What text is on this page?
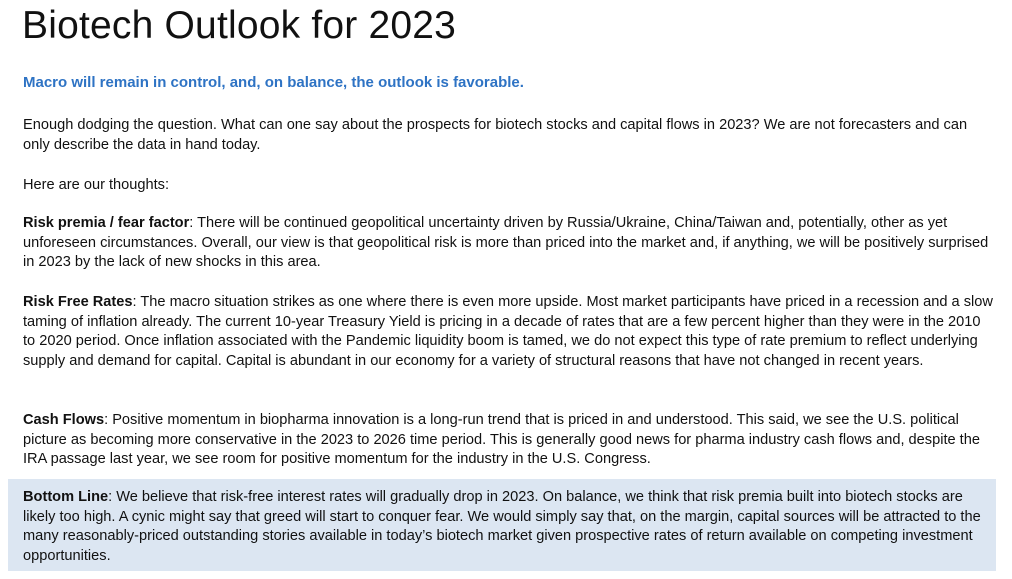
Biotech Outlook for 2023

Macro will remain in control, and, on balance, the outlook is favorable.

Enough dodging the question. What can one say about the prospects for biotech stocks and capital flows in 2023? We are not forecasters and can only describe the data in hand today.

Here are our thoughts:

Risk premia / fear factor: There will be continued geopolitical uncertainty driven by Russia/Ukraine, China/Taiwan and, potentially, other as yet unforeseen circumstances. Overall, our view is that geopolitical risk is more than priced into the market and, if anything, we will be positively surprised in 2023 by the lack of new shocks in this area.

Risk Free Rates: The macro situation strikes as one where there is even more upside. Most market participants have priced in a recession and a slow taming of inflation already. The current 10-year Treasury Yield is pricing in a decade of rates that are a few percent higher than they were in the 2010 to 2020 period. Once inflation associated with the Pandemic liquidity boom is tamed, we do not expect this type of rate premium to reflect underlying supply and demand for capital. Capital is abundant in our economy for a variety of structural reasons that have not changed in recent years.

Cash Flows: Positive momentum in biopharma innovation is a long-run trend that is priced in and understood. This said, we see the U.S. political picture as becoming more conservative in the 2023 to 2026 time period. This is generally good news for pharma industry cash flows and, despite the IRA passage last year, we see room for positive momentum for the industry in the U.S. Congress.

Bottom Line: We believe that risk-free interest rates will gradually drop in 2023. On balance, we think that risk premia built into biotech stocks are likely too high. A cynic might say that greed will start to conquer fear. We would simply say that, on the margin, capital sources will be attracted to the many reasonably-priced outstanding stories available in today’s biotech market given prospective rates of return available on competing investment opportunities.
